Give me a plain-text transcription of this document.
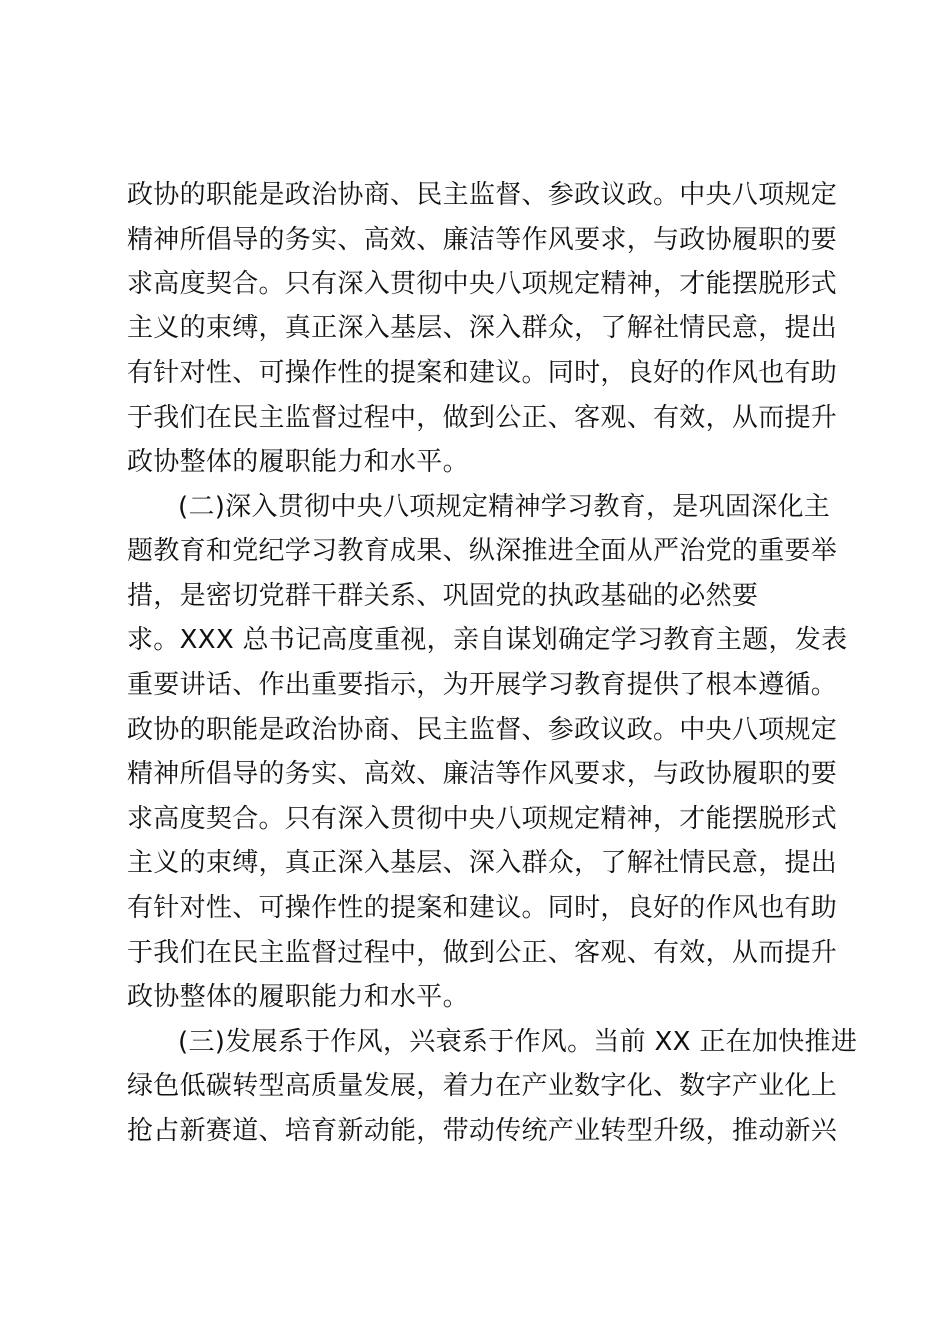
政协的职能是政治协商、民主监督、参政议政。中央八项规定
精神所倡导的务实、高效、廉洁等作风要求，与政协履职的要
求高度契合。只有深入贯彻中央八项规定精神，才能摆脱形式
主义的束缚，真正深入基层、深入群众，了解社情民意，提出
有针对性、可操作性的提案和建议。同时，良好的作风也有助
于我们在民主监督过程中，做到公正、客观、有效，从而提升
政协整体的履职能力和水平。
(二)深入贯彻中央八项规定精神学习教育，是巩固深化主
题教育和党纪学习教育成果、纵深推进全面从严治党的重要举
措，是密切党群干群关系、巩固党的执政基础的必然要
求。XXX 总书记高度重视，亲自谋划确定学习教育主题，发表
重要讲话、作出重要指示，为开展学习教育提供了根本遵循。
政协的职能是政治协商、民主监督、参政议政。中央八项规定
精神所倡导的务实、高效、廉洁等作风要求，与政协履职的要
求高度契合。只有深入贯彻中央八项规定精神，才能摆脱形式
主义的束缚，真正深入基层、深入群众，了解社情民意，提出
有针对性、可操作性的提案和建议。同时，良好的作风也有助
于我们在民主监督过程中，做到公正、客观、有效，从而提升
政协整体的履职能力和水平。
(三)发展系于作风，兴衰系于作风。当前 XX 正在加快推进
绿色低碳转型高质量发展，着力在产业数字化、数字产业化上
抢占新赛道、培育新动能，带动传统产业转型升级，推动新兴
